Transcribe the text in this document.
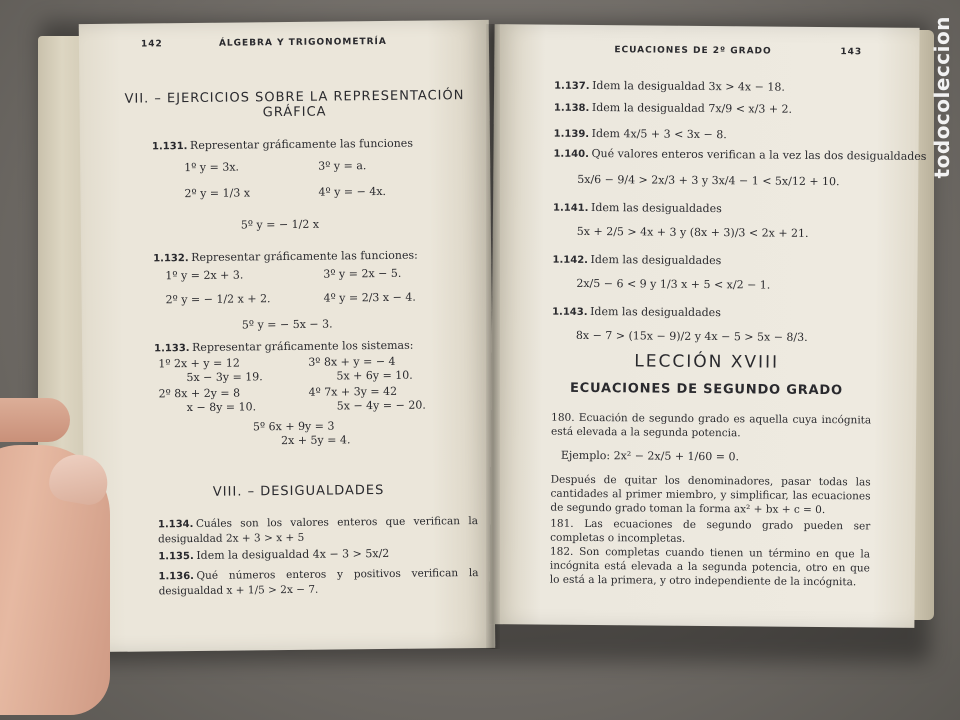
142	ÁLGEBRA Y TRIGONOMETRÍA
VII. – EJERCICIOS SOBRE LA REPRESENTACIÓN GRÁFICA
1.131. Representar gráficamente las funciones
1º y = 3x.	3º y = a.
2º y = 1/3 x	4º y = − 4x.
5º y = − 1/2 x
1.132. Representar gráficamente las funciones:
1º y = 2x + 3.	3º y = 2x − 5.
2º y = − 1/2 x + 2.	4º y = 2/3 x − 4.
5º y = − 5x − 3.
1.133. Representar gráficamente los sistemas:
1º 2x + y = 12
5x − 3y = 19.
3º 8x + y = − 4
5x + 6y = 10.
2º 8x + 2y = 8
x − 8y = 10.
4º 7x + 3y = 42
5x − 4y = − 20.
5º 6x + 9y = 3
2x + 5y = 4.
VIII. – DESIGUALDADES
1.134. Cuáles son los valores enteros que verifican la desigualdad 2x + 3 > x + 5
1.135. Idem la desigualdad 4x − 3 > 5x/2
1.136. Qué números enteros y positivos verifican la desigualdad x + 1/5 > 2x − 7.
ECUACIONES DE 2º GRADO	143
1.137. Idem la desigualdad 3x > 4x − 18.
1.138. Idem la desigualdad 7x/9 < x/3 + 2.
1.139. Idem 4x/5 + 3 < 3x − 8.
1.140. Qué valores enteros verifican a la vez las dos desigualdades
5x/6 − 9/4 > 2x/3 + 3 y 3x/4 − 1 < 5x/12 + 10.
1.141. Idem las desigualdades
5x + 2/5 > 4x + 3 y (8x + 3)/3 < 2x + 21.
1.142. Idem las desigualdades
2x/5 − 6 < 9 y 1/3 x + 5 < x/2 − 1.
1.143. Idem las desigualdades
8x − 7 > (15x − 9)/2 y 4x − 5 > 5x − 8/3.
LECCIÓN XVIII
ECUACIONES DE SEGUNDO GRADO
180. Ecuación de segundo grado es aquella cuya incógnita está elevada a la segunda potencia.
Ejemplo: 2x² − 2x/5 + 1/60 = 0.
Después de quitar los denominadores, pasar todas las cantidades al primer miembro, y simplificar, las ecuaciones de segundo grado toman la forma ax² + bx + c = 0.
181. Las ecuaciones de segundo grado pueden ser completas o incompletas.
182. Son completas cuando tienen un término en que la incógnita está elevada a la segunda potencia, otro en que lo está a la primera, y otro independiente de la incógnita.
todocoleccion
